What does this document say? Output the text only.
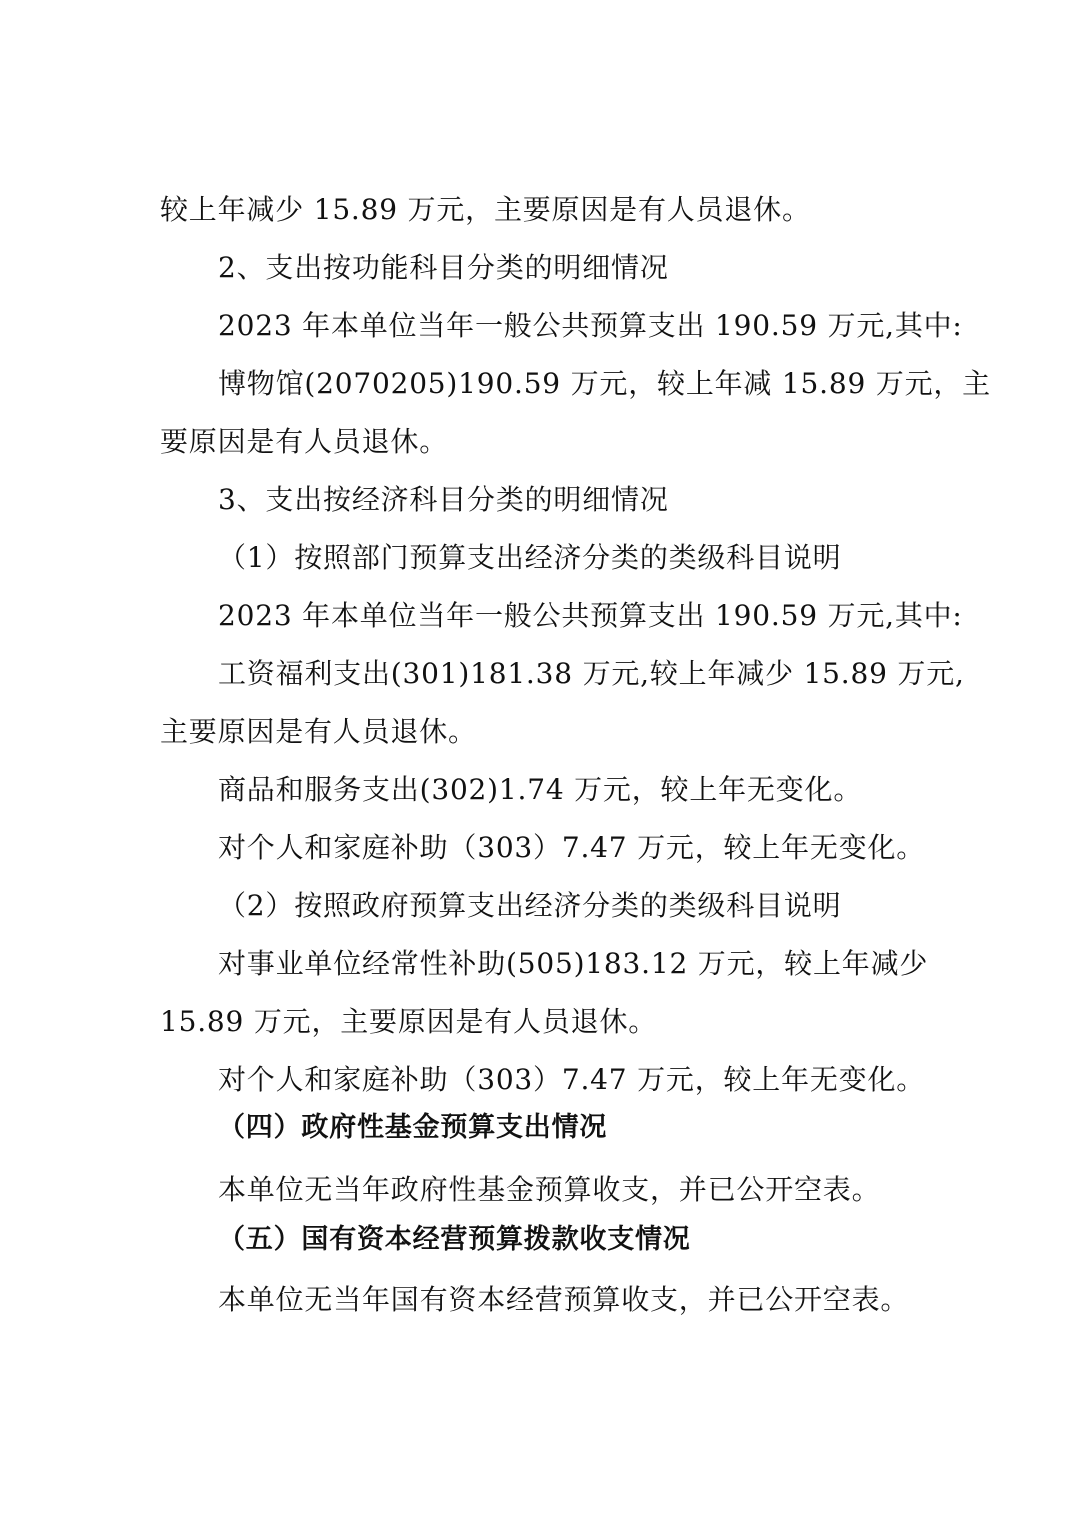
较上年减少 15.89 万元，主要原因是有人员退休。
2、支出按功能科目分类的明细情况
2023 年本单位当年一般公共预算支出 190.59 万元,其中:
博物馆(2070205)190.59 万元，较上年减 15.89 万元，主
要原因是有人员退休。
3、支出按经济科目分类的明细情况
（1）按照部门预算支出经济分类的类级科目说明
2023 年本单位当年一般公共预算支出 190.59 万元,其中:
工资福利支出(301)181.38 万元,较上年减少 15.89 万元,
主要原因是有人员退休。
商品和服务支出(302)1.74 万元，较上年无变化。
对个人和家庭补助（303）7.47 万元，较上年无变化。
（2）按照政府预算支出经济分类的类级科目说明
对事业单位经常性补助(505)183.12 万元，较上年减少
15.89 万元，主要原因是有人员退休。
对个人和家庭补助（303）7.47 万元，较上年无变化。
（四）政府性基金预算支出情况
本单位无当年政府性基金预算收支，并已公开空表。
（五）国有资本经营预算拨款收支情况
本单位无当年国有资本经营预算收支，并已公开空表。
